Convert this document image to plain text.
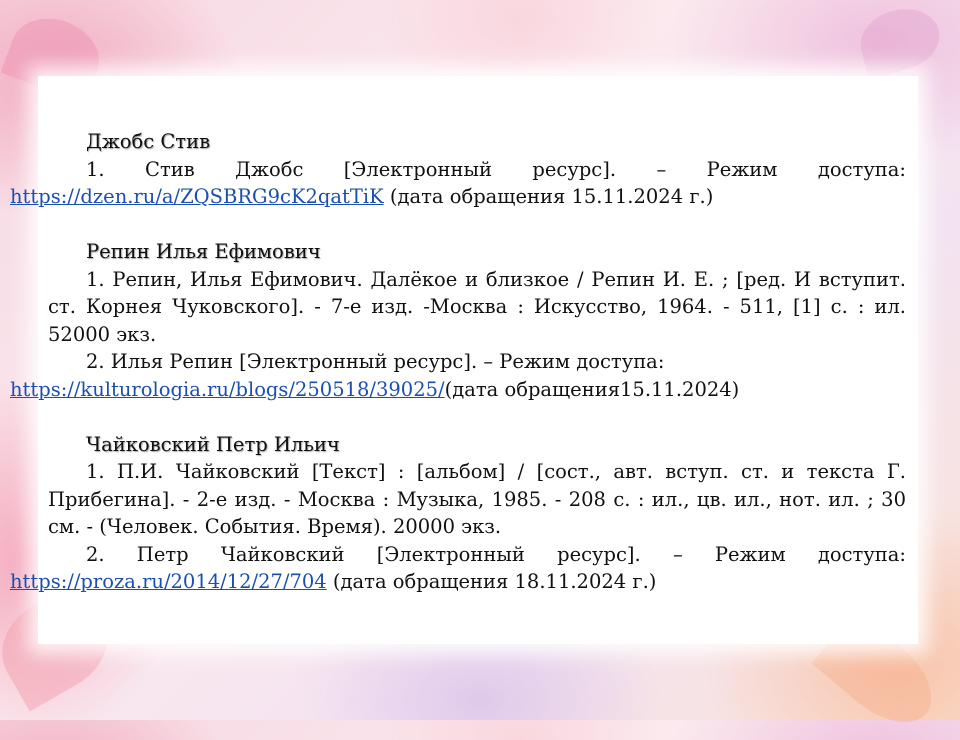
Джобс Стив
1. Стив Джобс [Электронный ресурс]. – Режим доступа:
https://dzen.ru/a/ZQSBRG9cK2qatTiK (дата обращения 15.11.2024 г.)
Репин Илья Ефимович
1. Репин, Илья Ефимович. Далёкое и близкое / Репин И. Е. ; [ред. И вступит. ст. Корнея Чуковского]. - 7-е изд. -Москва : Искусство, 1964. - 511, [1] с. : ил. 52000 экз.
2. Илья Репин [Электронный ресурс]. – Режим доступа:
https://kulturologia.ru/blogs/250518/39025/(дата обращения15.11.2024)
Чайковский Петр Ильич
1. П.И. Чайковский [Текст] : [альбом] / [сост., авт. вступ. ст. и текста Г. Прибегина]. - 2-е изд. - Москва : Музыка, 1985. - 208 с. : ил., цв. ил., нот. ил. ; 30 см. - (Человек. События. Время). 20000 экз.
2. Петр Чайковский [Электронный ресурс]. – Режим доступа:
https://proza.ru/2014/12/27/704 (дата обращения 18.11.2024 г.)
